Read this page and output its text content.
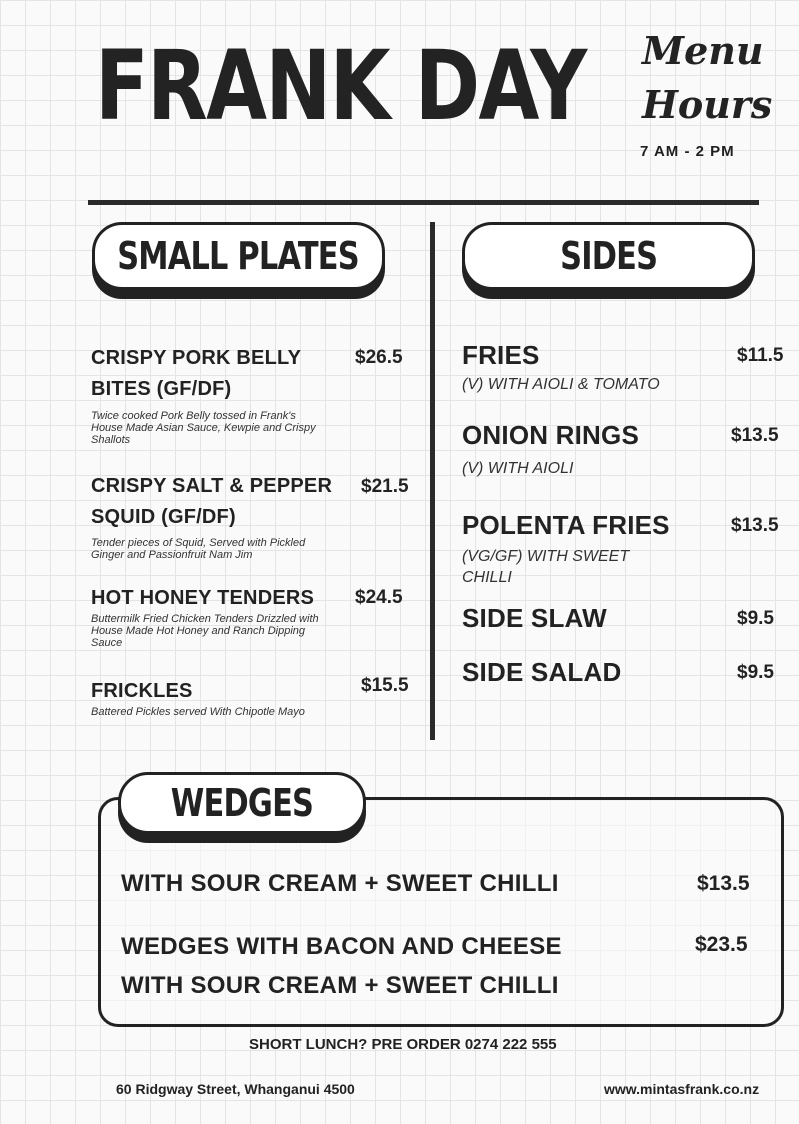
FRANK DAY Menu
Hours
7 AM - 2 PM
SMALL PLATES
CRISPY PORK BELLY
BITES (GF/DF)
Twice cooked Pork Belly tossed in Frank's
House Made Asian Sauce, Kewpie and Crispy
Shallots
$26.5
CRISPY SALT & PEPPER
SQUID (GF/DF)
Tender pieces of Squid, Served with Pickled
Ginger and Passionfruit Nam Jim
$21.5
HOT HONEY TENDERS
Buttermilk Fried Chicken Tenders Drizzled with
House Made Hot Honey and Ranch Dipping
Sauce
$24.5
FRICKLES
Battered Pickles served With Chipotle Mayo
$15.5
SIDES
FRIES	$11.5
(V) WITH AIOLI & TOMATO
ONION RINGS	$13.5
(V) WITH AIOLI
POLENTA FRIES	$13.5
(VG/GF) WITH SWEET
CHILLI
SIDE SLAW	$9.5
SIDE SALAD	$9.5
WEDGES
WITH SOUR CREAM + SWEET CHILLI	$13.5
WEDGES WITH BACON AND CHEESE
WITH SOUR CREAM + SWEET CHILLI
$23.5
SHORT LUNCH? PRE ORDER 0274 222 555
60 Ridgway Street, Whanganui 4500	www.mintasfrank.co.nz
